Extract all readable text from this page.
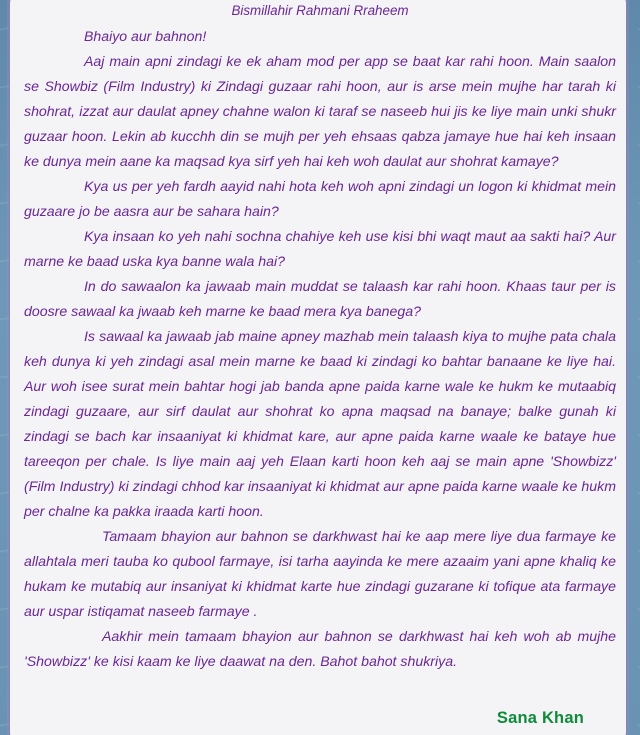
Bismillahir Rahmani Rraheem
Bhaiyo aur bahnon!

Aaj main apni zindagi ke ek aham mod per app se baat kar rahi hoon. Main saalon se Showbiz (Film Industry) ki Zindagi guzaar rahi hoon, aur is arse mein mujhe har tarah ki shohrat, izzat aur daulat apney chahne walon ki taraf se naseeb hui jis ke liye main unki shukr guzaar hoon. Lekin ab kucchh din se mujh per yeh ehsaas qabza jamaye hue hai keh insaan ke dunya mein aane ka maqsad kya sirf yeh hai keh woh daulat aur shohrat kamaye?

Kya us per yeh fardh aayid nahi hota keh woh apni zindagi un logon ki khidmat mein guzaare jo be aasra aur be sahara hain?

Kya insaan ko yeh nahi sochna chahiye keh use kisi bhi waqt maut aa sakti hai? Aur marne ke baad uska kya banne wala hai?

In do sawaalon ka jawaab main muddat se talaash kar rahi hoon. Khaas taur per is doosre sawaal ka jwaab keh marne ke baad mera kya banega?

Is sawaal ka jawaab jab maine apney mazhab mein talaash kiya to mujhe pata chala keh dunya ki yeh zindagi asal mein marne ke baad ki zindagi ko bahtar banaane ke liye hai. Aur woh isee surat mein bahtar hogi jab banda apne paida karne wale ke hukm ke mutaabiq zindagi guzaare, aur sirf daulat aur shohrat ko apna maqsad na banaye; balke gunah ki zindagi se bach kar insaaniyat ki khidmat kare, aur apne paida karne waale ke bataye hue tareeqon per chale. Is liye main aaj yeh Elaan karti hoon keh aaj se main apne 'Showbizz' (Film Industry) ki zindagi chhod kar insaaniyat ki khidmat aur apne paida karne waale ke hukm per chalne ka pakka iraada karti hoon.

Tamaam bhayion aur bahnon se darkhwast hai ke aap mere liye dua farmaye ke allahtala meri tauba ko qubool farmaye, isi tarha aayinda ke mere azaaim yani apne khaliq ke hukam ke mutabiq aur insaniyat ki khidmat karte hue zindagi guzarane ki tofique ata farmaye aur uspar istiqamat naseeb farmaye .

Aakhir mein tamaam bhayion aur bahnon se darkhwast hai keh woh ab mujhe 'Showbizz' ke kisi kaam ke liye daawat na den. Bahot bahot shukriya.

Sana Khan
